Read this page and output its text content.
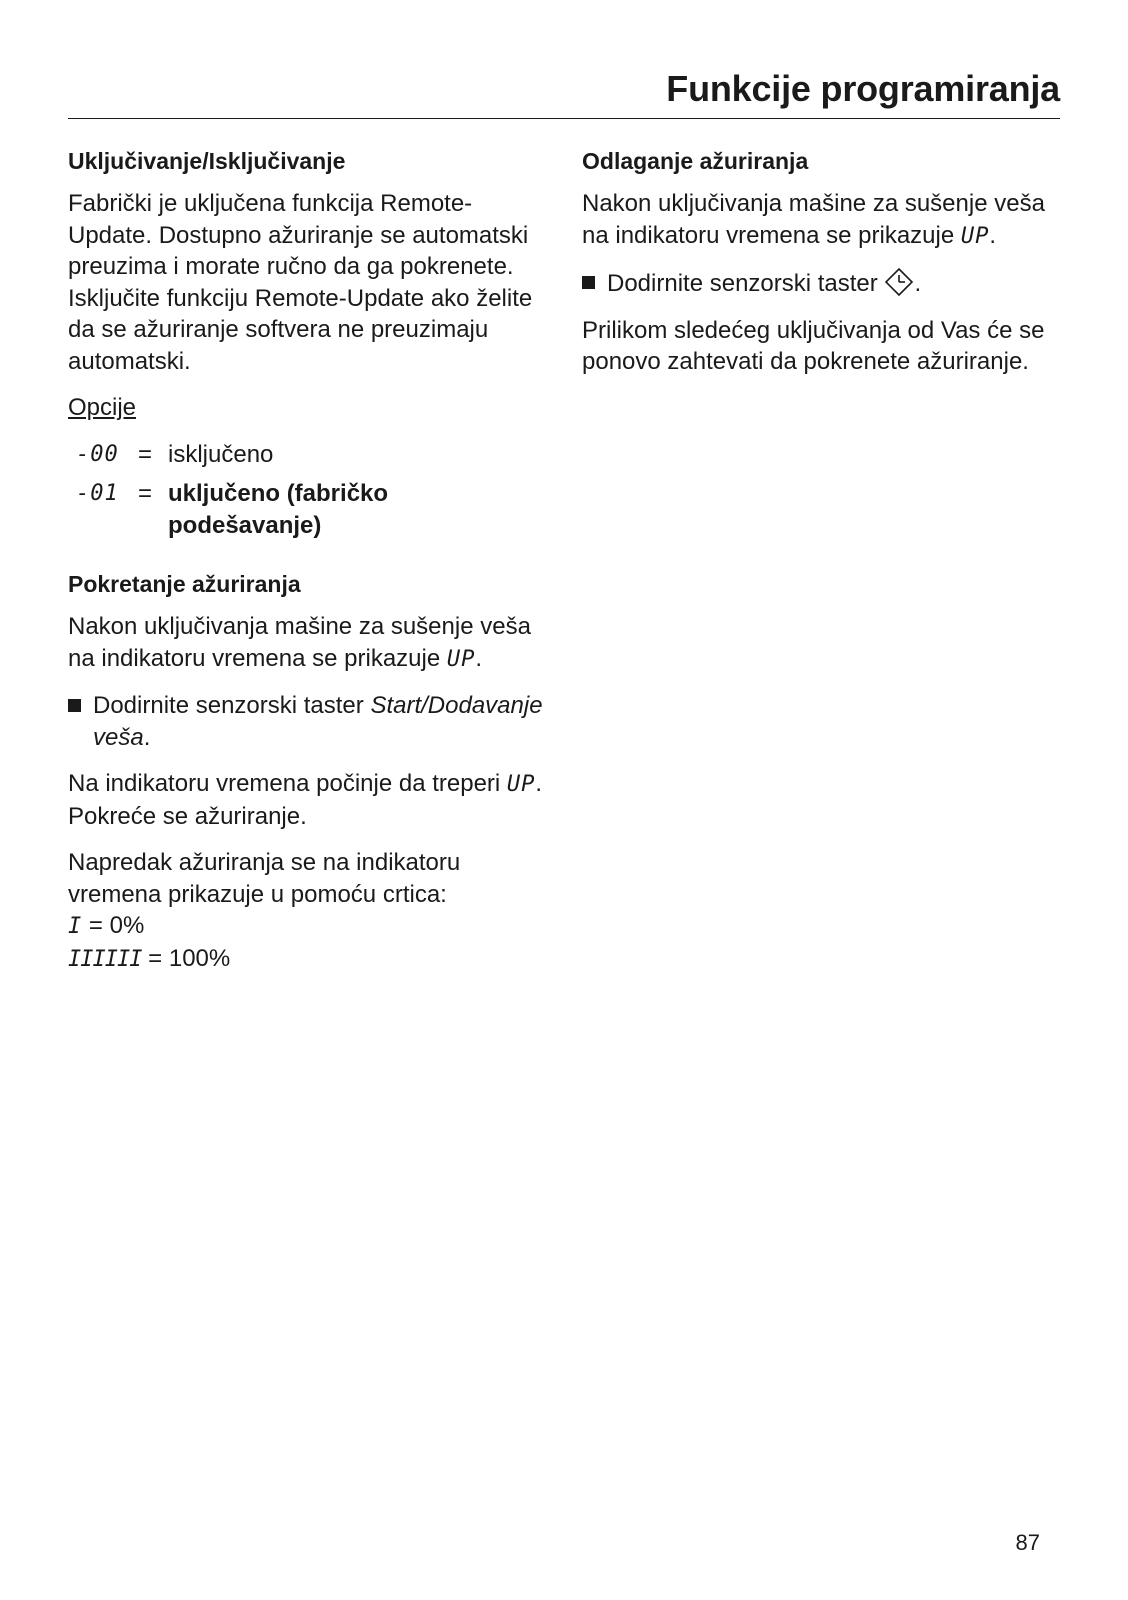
Funkcije programiranja
Uključivanje/Isključivanje

Fabrički je uključena funkcija Remote-Update. Dostupno ažuriranje se automatski preuzima i morate ručno da ga pokrenete. Isključite funkciju Remote-Update ako želite da se ažuriranje softvera ne preuzimaju automatski.

Opcije

-00 = isključeno
-01 = uključeno (fabričko podešavanje)
Pokretanje ažuriranja

Nakon uključivanja mašine za sušenje veša na indikatoru vremena se prikazuje UP.

Dodirnite senzorski taster Start/Dodavanje veša.

Na indikatoru vremena počinje da treperi UP. Pokreće se ažuriranje.

Napredak ažuriranja se na indikatoru vremena prikazuje u pomoću crtica:
I = 0%
IIIIII = 100%

Odlaganje ažuriranja

Nakon uključivanja mašine za sušenje veša na indikatoru vremena se prikazuje UP.

Dodirnite senzorski taster .

Prilikom sledećeg uključivanja od Vas će se ponovo zahtevati da pokrenete ažuriranje.

87
